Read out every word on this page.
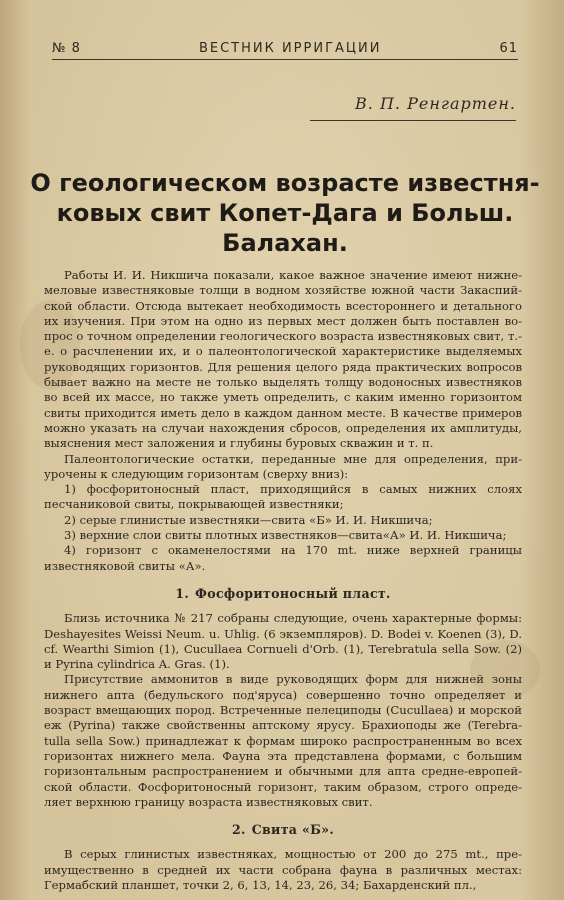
№ 8	ВЕСТНИК ИРРИГАЦИИ	61
В. П. Ренгартен.
О геологическом возрасте известня-
ковых свит Копет-Дага и Больш.
Балахан.

Работы И. И. Никшича показали, какое важное значение имеют нижне-меловые известняковые толщи в водном хозяйстве южной части Закаспий-ской области. Отсюда вытекает необходимость всестороннего и детального их изучения. При этом на одно из первых мест должен быть поставлен во-прос о точном определении геологического возраста известняковых свит, т.-е. о расчленении их, и о палеонтологической характеристике выделяемых руководящих горизонтов. Для решения целого ряда практических вопросов бывает важно на месте не только выделять толщу водоносных известняков во всей их массе, но также уметь определить, с каким именно горизонтом свиты приходится иметь дело в каждом данном месте. В качестве примеров можно указать на случаи нахождения сбросов, определения их амплитуды, выяснения мест заложения и глубины буровых скважин и т. п.

Палеонтологические остатки, переданные мне для определения, при-урочены к следующим горизонтам (сверху вниз):

1) фосфоритоносный пласт, приходящийся в самых нижних слоях песчаниковой свиты, покрывающей известняки;

2) серые глинистые известняки—свита «Б» И. И. Никшича;

3) верхние слои свиты плотных известняков—свита«А» И. И. Никшича;

4) горизонт с окаменелостями на 170 mt. ниже верхней границы известняковой свиты «А».

1. Фосфоритоносный пласт.

Близь источника № 217 собраны следующие, очень характерные формы: Deshayesites Weissi Neum. u. Uhlig. (6 экземпляров). D. Bodei v. Koenen (3), D. cf. Wearthi Simion (1), Cucullaea Cornueli d'Orb. (1), Terebratula sella Sow. (2) и Pyrina cylindrica A. Gras. (1).

Присутствие аммонитов в виде руководящих форм для нижней зоны нижнего апта (бедульского под'яруса) совершенно точно определяет и возраст вмещающих пород. Встреченные пелециподы (Cucullaea) и морской еж (Pyrina) также свойственны аптскому ярусу. Брахиоподы же (Terebra-tulla sella Sow.) принадлежат к формам широко распространенным во всех горизонтах нижнего мела. Фауна эта представлена формами, с большим горизонтальным распространением и обычными для апта средне-европей-ской области. Фосфоритоносный горизонт, таким образом, строго опреде-ляет верхнюю границу возраста известняковых свит.

2. Свита «Б».

В серых глинистых известняках, мощностью от 200 до 275 mt., пре-имущественно в средней их части собрана фауна в различных местах: Гермабский планшет, точки 2, 6, 13, 14, 23, 26, 34; Бахарденский пл.,
